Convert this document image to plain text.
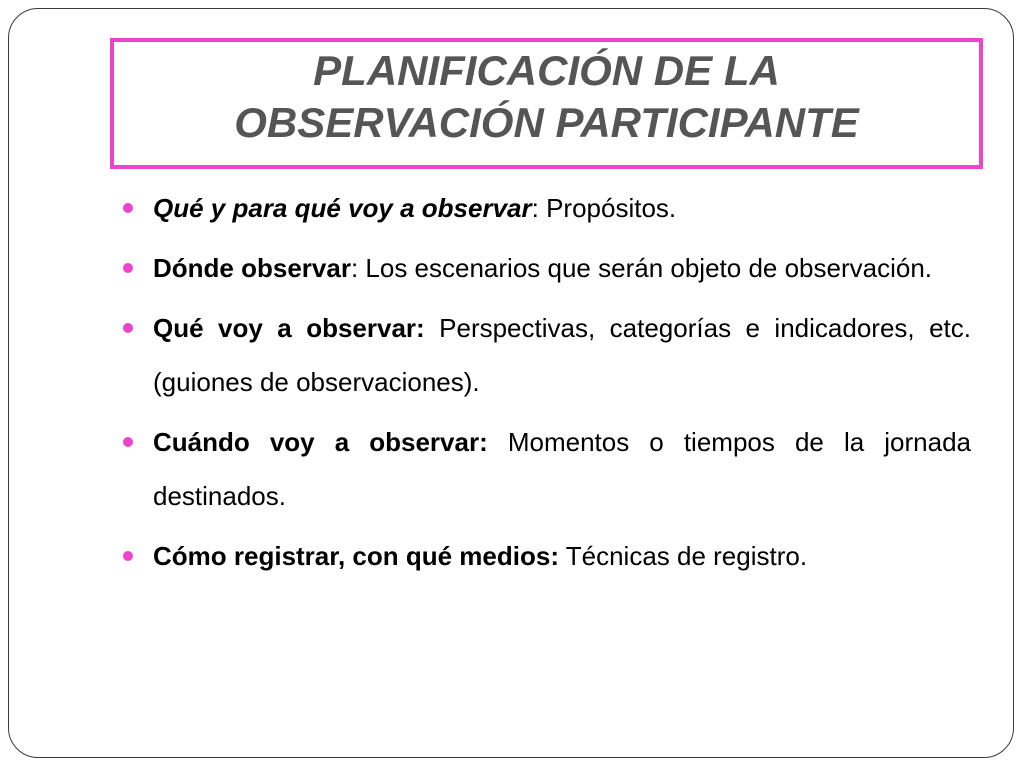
PLANIFICACIÓN DE LA
OBSERVACIÓN PARTICIPANTE
Qué y para qué voy a observar: Propósitos.
Dónde observar: Los escenarios que serán objeto de observación.
Qué voy a observar: Perspectivas, categorías e indicadores, etc. (guiones de observaciones).
Cuándo voy a observar: Momentos o tiempos de la jornada destinados.
Cómo registrar, con qué medios: Técnicas de registro.
